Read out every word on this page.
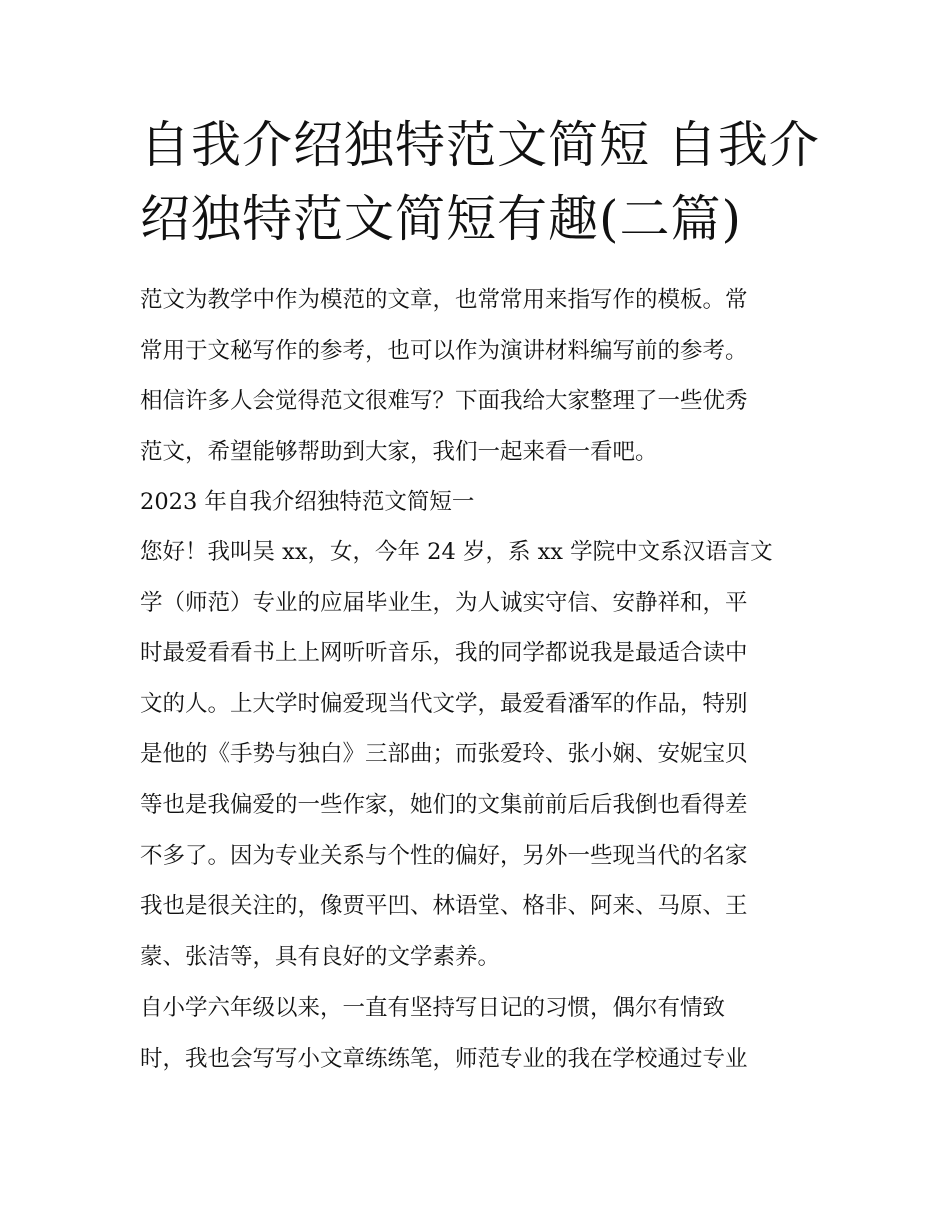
自我介绍独特范文简短 自我介
绍独特范文简短有趣(二篇)
范文为教学中作为模范的文章，也常常用来指写作的模板。常
常用于文秘写作的参考，也可以作为演讲材料编写前的参考。
相信许多人会觉得范文很难写？下面我给大家整理了一些优秀
范文，希望能够帮助到大家，我们一起来看一看吧。
2023 年自我介绍独特范文简短一
您好！我叫吴 xx，女，今年 24 岁，系 xx 学院中文系汉语言文
学（师范）专业的应届毕业生，为人诚实守信、安静祥和，平
时最爱看看书上上网听听音乐，我的同学都说我是最适合读中
文的人。上大学时偏爱现当代文学，最爱看潘军的作品，特别
是他的《手势与独白》三部曲；而张爱玲、张小娴、安妮宝贝
等也是我偏爱的一些作家，她们的文集前前后后我倒也看得差
不多了。因为专业关系与个性的偏好，另外一些现当代的名家
我也是很关注的，像贾平凹、林语堂、格非、阿来、马原、王
蒙、张洁等，具有良好的文学素养。
自小学六年级以来，一直有坚持写日记的习惯，偶尔有情致
时，我也会写写小文章练练笔，师范专业的我在学校通过专业
